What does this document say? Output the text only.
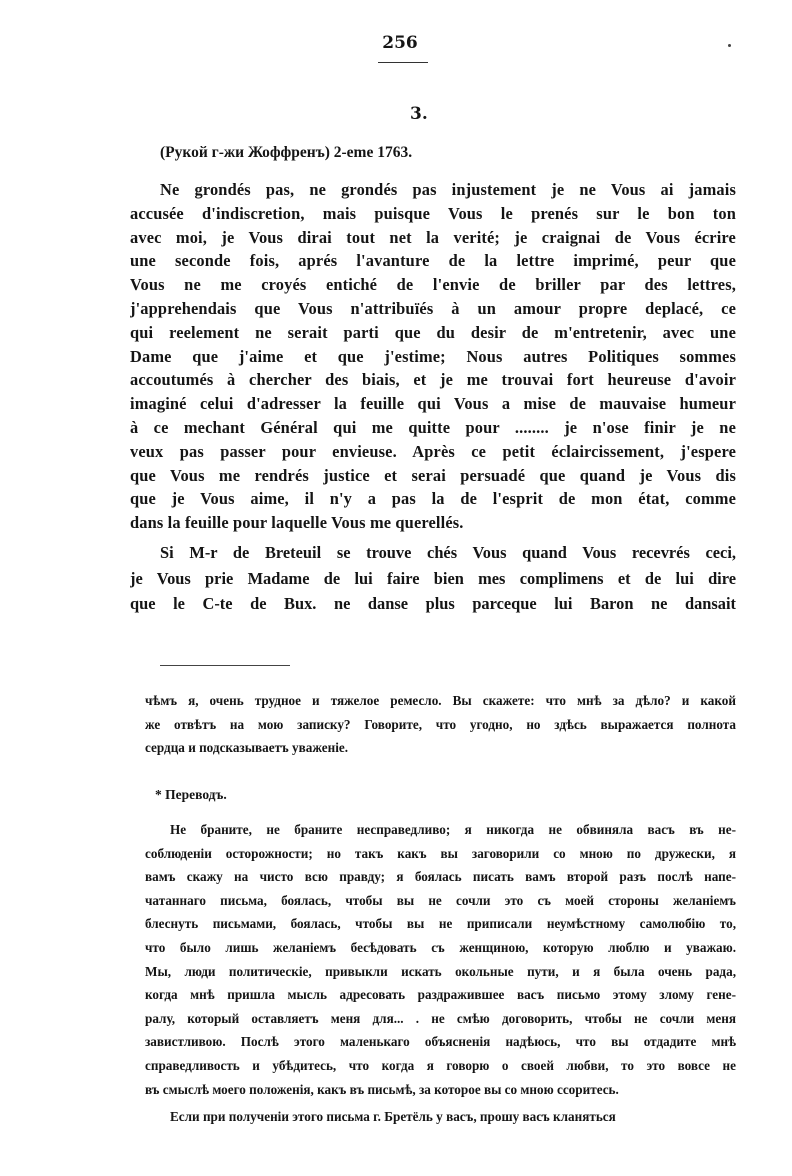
256
3.
(Рукой г-жи Жоффренъ) 2-eme 1763.
Ne grondés pas, ne grondés pas injustement je ne Vous ai jamais
accusée d'indiscretion, mais puisque Vous le prenés sur le bon ton
avec moi, je Vous dirai tout net la verité; je craignai de Vous écrire
une seconde fois, aprés l'avanture de la lettre imprimé, peur que
Vous ne me croyés entiché de l'envie de briller par des lettres,
j'apprehendais que Vous n'attribuïés à un amour propre deplacé, ce
qui reelement ne serait parti que du desir de m'entretenir, avec une
Dame que j'aime et que j'estime; Nous autres Politiques sommes
accoutumés à chercher des biais, et je me trouvai fort heureuse d'avoir
imaginé celui d'adresser la feuille qui Vous a mise de mauvaise humeur
à ce mechant Général qui me quitte pour ........ je n'ose finir je ne
veux pas passer pour envieuse. Après ce petit éclaircissement, j'espere
que Vous me rendrés justice et serai persuadé que quand je Vous dis
que je Vous aime, il n'y a pas la de l'esprit de mon état, comme
dans la feuille pour laquelle Vous me querellés.
Si M-r de Breteuil se trouve chés Vous quand Vous recevrés ceci,
je Vous prie Madame de lui faire bien mes complimens et de lui dire
que le C-te de Bux. ne danse plus parceque lui Baron ne dansait
чѣмъ я, очень трудное и тяжелое ремесло. Вы скажете: что мнѣ за дѣло? и какой
же отвѣтъ на мою записку? Говорите, что угодно, но здѣсь выражается полнота
сердца и подсказываетъ уваженiе.
* Переводъ.
Не браните, не браните несправедливо; я никогда не обвиняла васъ въ не-
соблюденiи осторожности; но такъ какъ вы заговорили со мною по дружески, я
вамъ скажу на чисто всю правду; я боялась писать вамъ второй разъ послѣ напе-
чатаннаго письма, боялась, чтобы вы не сочли это съ моей стороны желанiемъ
блеснуть письмами, боялась, чтобы вы не приписали неумѣстному самолюбiю то,
что было лишь желанiемъ бесѣдовать съ женщиною, которую люблю и уважаю.
Мы, люди политическiе, привыкли искать окольные пути, и я была очень рада,
когда мнѣ пришла мысль адресовать раздражившее васъ письмо этому злому гене-
ралу, который оставляетъ меня для... . не смѣю договорить, чтобы не сочли меня
завистливою. Послѣ этого маленькаго объясненiя надѣюсь, что вы отдадите мнѣ
справедливость и убѣдитесь, что когда я говорю о своей любви, то это вовсе не
въ смыслѣ моего положенiя, какъ въ письмѣ, за которое вы со мною ссоритесь.
Если при полученiи этого письма г. Бретёль у васъ, прошу васъ кланяться
